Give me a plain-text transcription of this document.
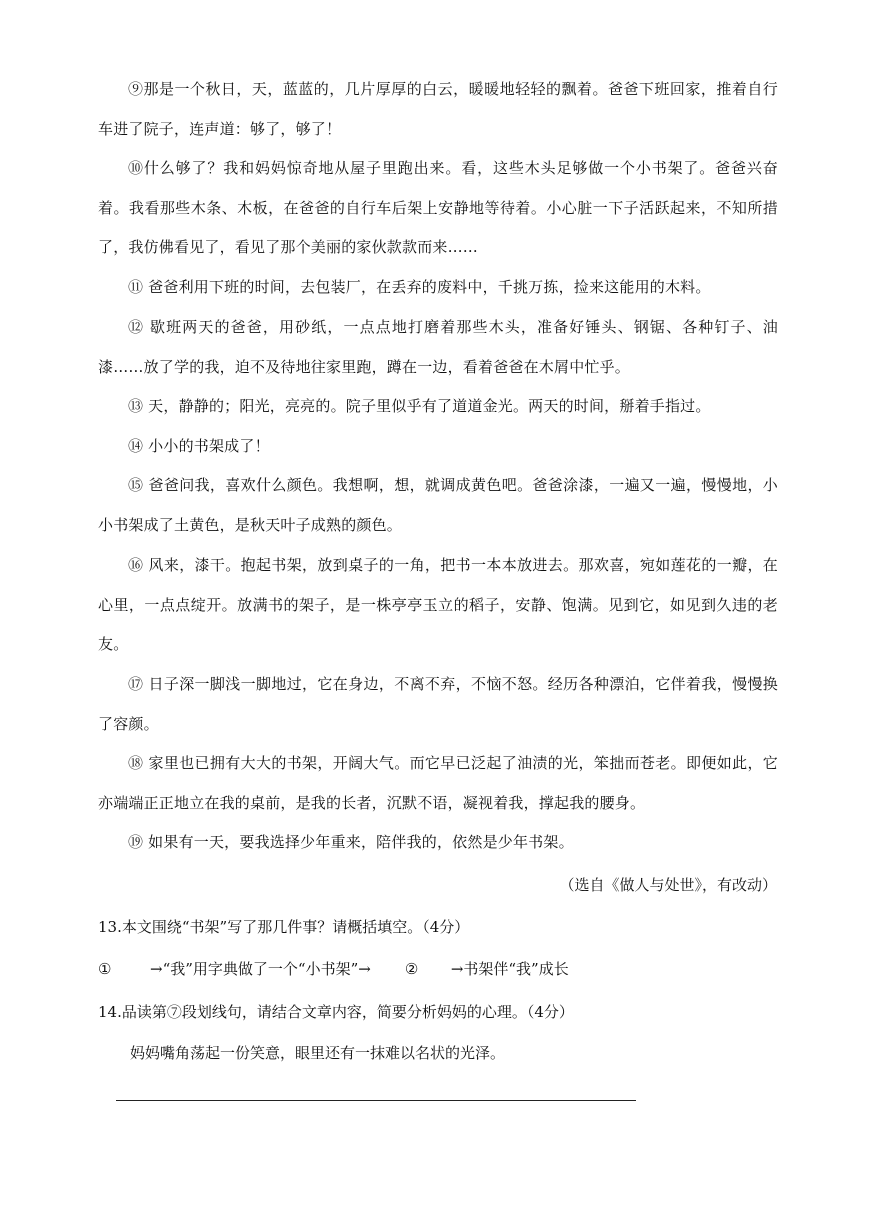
⑨那是一个秋日，天，蓝蓝的，几片厚厚的白云，暖暖地轻轻的飘着。爸爸下班回家，推着自行车进了院子，连声道：够了，够了！

⑩什么够了？我和妈妈惊奇地从屋子里跑出来。看，这些木头足够做一个小书架了。爸爸兴奋着。我看那些木条、木板，在爸爸的自行车后架上安静地等待着。小心脏一下子活跃起来，不知所措了，我仿佛看见了，看见了那个美丽的家伙款款而来……

⑪ 爸爸利用下班的时间，去包装厂，在丢弃的废料中，千挑万拣，捡来这能用的木料。

⑫ 歇班两天的爸爸，用砂纸，一点点地打磨着那些木头，准备好锤头、钢锯、各种钉子、油漆……放了学的我，迫不及待地往家里跑，蹲在一边，看着爸爸在木屑中忙乎。

⑬ 天，静静的；阳光，亮亮的。院子里似乎有了道道金光。两天的时间，掰着手指过。

⑭ 小小的书架成了！

⑮ 爸爸问我，喜欢什么颜色。我想啊，想，就调成黄色吧。爸爸涂漆，一遍又一遍，慢慢地，小小书架成了土黄色，是秋天叶子成熟的颜色。

⑯ 风来，漆干。抱起书架，放到桌子的一角，把书一本本放进去。那欢喜，宛如莲花的一瓣，在心里，一点点绽开。放满书的架子，是一株亭亭玉立的稻子，安静、饱满。见到它，如见到久违的老友。

⑰ 日子深一脚浅一脚地过，它在身边，不离不弃，不恼不怒。经历各种漂泊，它伴着我，慢慢换了容颜。

⑱ 家里也已拥有大大的书架，开阔大气。而它早已泛起了油渍的光，笨拙而苍老。即便如此，它亦端端正正地立在我的桌前，是我的长者，沉默不语，凝视着我，撑起我的腰身。

⑲ 如果有一天，要我选择少年重来，陪伴我的，依然是少年书架。

（选自《做人与处世》，有改动）

13.本文围绕“书架”写了那几件事？请概括填空。（4分）

①	→“我”用字典做了一个“小书架”→ ② →书架伴“我”成长

14.品读第⑦段划线句，请结合文章内容，简要分析妈妈的心理。（4分）

妈妈嘴角荡起一份笑意，眼里还有一抹难以名状的光泽。
